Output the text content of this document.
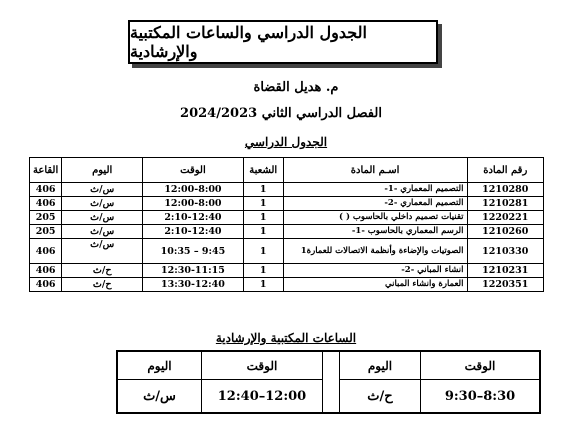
الجدول الدراسي والساعات المكتبية والإرشادية
م. هديل القضاة
الفصل الدراسي الثاني 2024/2023
الجدول الدراسي
رقم المادة	اسـم المادة	الشعبة	الوقت	اليوم	القاعة
1210280	التصميم المعماري -1-	1	12:00-8:00	س/ث	406
1210281	التصميم المعماري -2-	1	12:00-8:00	س/ث	406
1220221	تقنيات تصميم داخلي بالحاسوب ( )	1	2:10-12:40	س/ث	205
1210260	الرسم المعماري بالحاسوب -1-	1	2:10-12:40	س/ث	205
1210330	الصوتيات والإضاءة وأنظمة الاتصالات للعمارة1	1	10:35 – 9:45	س/ث	406
1210231	انشاء المباني -2-	1	12:30-11:15	ح/ث	406
1220351	العمارة وانشاء المباني	1	13:30-12:40	ح/ث	406
الساعات المكتبية والإرشادية
الوقت	اليوم		الوقت	اليوم
9:30–8:30	ح/ث		12:40–12:00	س/ث
